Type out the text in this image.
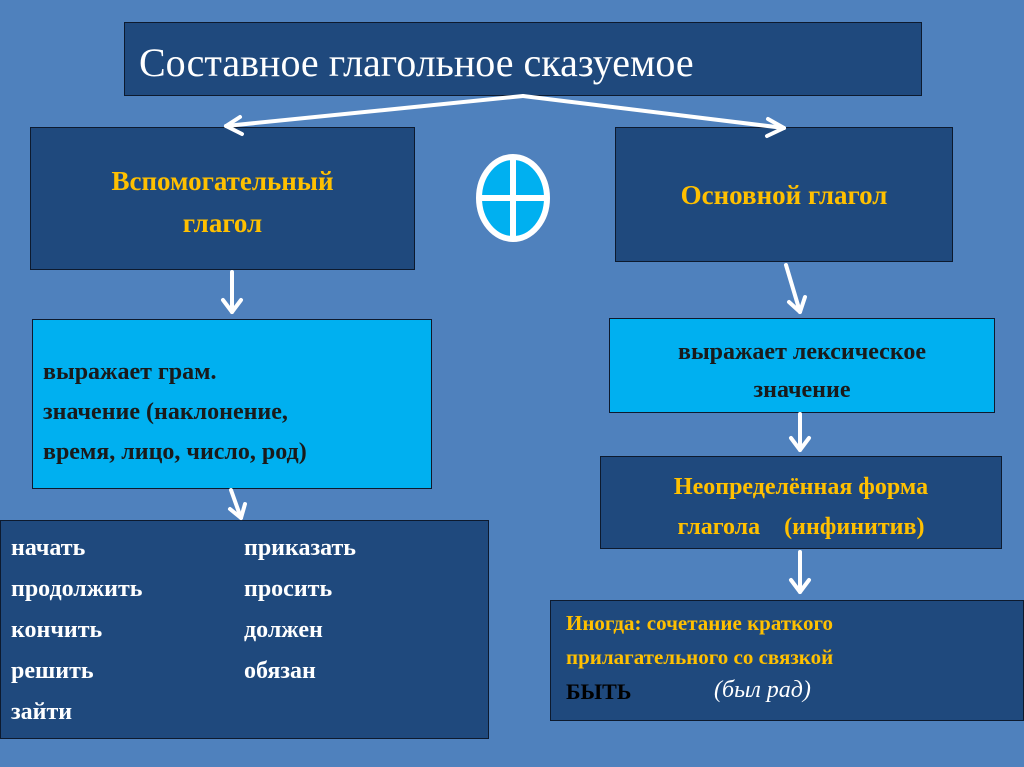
Составное глагольное сказуемое
Вспомогательный
глагол
Основной глагол
выражает грам.
значение (наклонение,
время, лицо, число, род)
выражает лексическое
значение
Неопределённая форма
глагола    (инфинитив)
начать
продолжить
кончить
решить
зайти
приказать
просить
должен
обязан
Иногда: сочетание краткого
прилагательного со связкой
БЫТЬ	(был рад)
